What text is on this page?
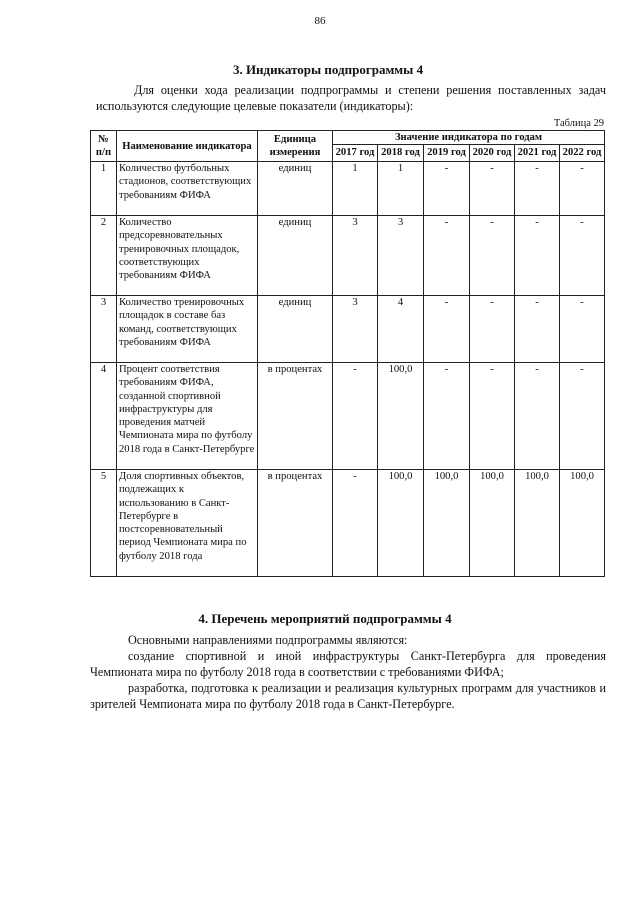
86
3. Индикаторы подпрограммы 4
Для оценки хода реализации подпрограммы и степени решения поставленных задач
используются следующие целевые показатели (индикаторы):
Таблица 29
№ п/п	Наименование индикатора	Единица измерения	Значение индикатора по годам					
			2017 год	2018 год	2019 год	2020 год	2021 год	2022 год
1	Количество футбольных стадионов, соответствующих требованиям ФИФА	единиц	1	1	-	-	-	-
2	Количество предсоревновательных тренировочных площадок, соответствующих требованиям ФИФА	единиц	3	3	-	-	-	-
3	Количество тренировочных площадок в составе баз команд, соответствующих требованиям ФИФА	единиц	3	4	-	-	-	-
4	Процент соответствия требованиям ФИФА, созданной спортивной инфраструктуры для проведения матчей Чемпионата мира по футболу 2018 года в Санкт-Петербурге	в процентах	-	100,0	-	-	-	-
5	Доля спортивных объектов, подлежащих к использованию в Санкт-Петербурге в постсоревновательный период Чемпионата мира по футболу 2018 года	в процентах	-	100,0	100,0	100,0	100,0	100,0
4. Перечень мероприятий подпрограммы 4
Основными направлениями подпрограммы являются:
создание спортивной и иной инфраструктуры Санкт-Петербурга для проведения Чемпионата мира по футболу 2018 года в соответствии с требованиями ФИФА;
разработка, подготовка к реализации и реализация культурных программ для участников и зрителей Чемпионата мира по футболу 2018 года в Санкт-Петербурге.
